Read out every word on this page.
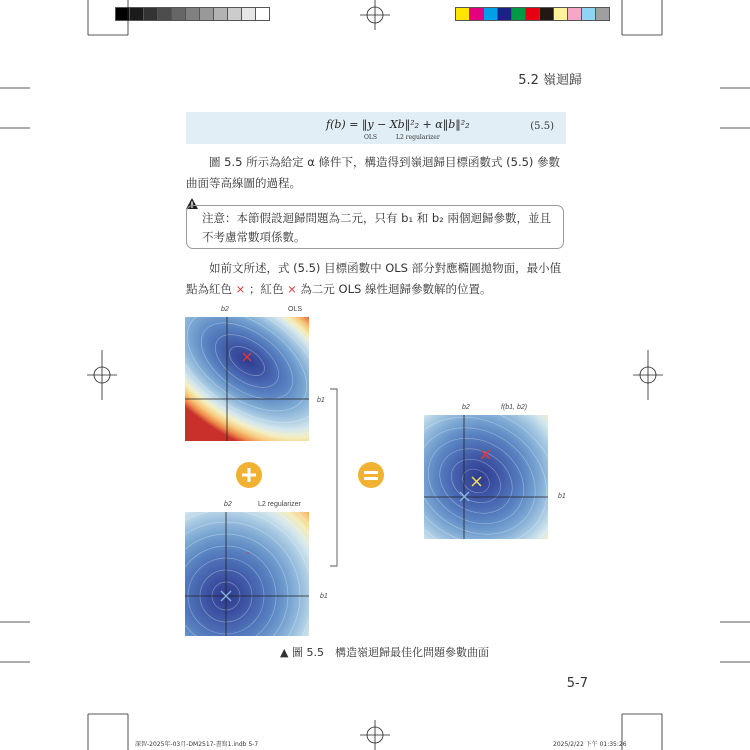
5.2 嶺迴歸
f(b) = ‖y − Xb‖²₂ + α‖b‖²₂
OLS	L2 regularizer
(5.5)
圖 5.5 所示為給定 α 條件下，構造得到嶺迴歸目標函數式 (5.5) 參數曲面等高線圖的過程。
注意：本節假設迴歸問題為二元，只有 b₁ 和 b₂ 兩個迴歸參數，並且不考慮常數項係數。
如前文所述，式 (5.5) 目標函數中 OLS 部分對應橢圓拋物面，最小值點為紅色 × ；紅色 × 為二元 OLS 線性迴歸參數解的位置。
b2	OLS
b1
b2	L2 regularizer
b1
b2	f(b1, b2)
b1
▲ 圖 5.5　構造嶺迴歸最佳化問題參數曲面
5-7
深智-2025年-03月-DM2517-書寫1.indb 5-7	2025/2/22 下午 01:35:26
